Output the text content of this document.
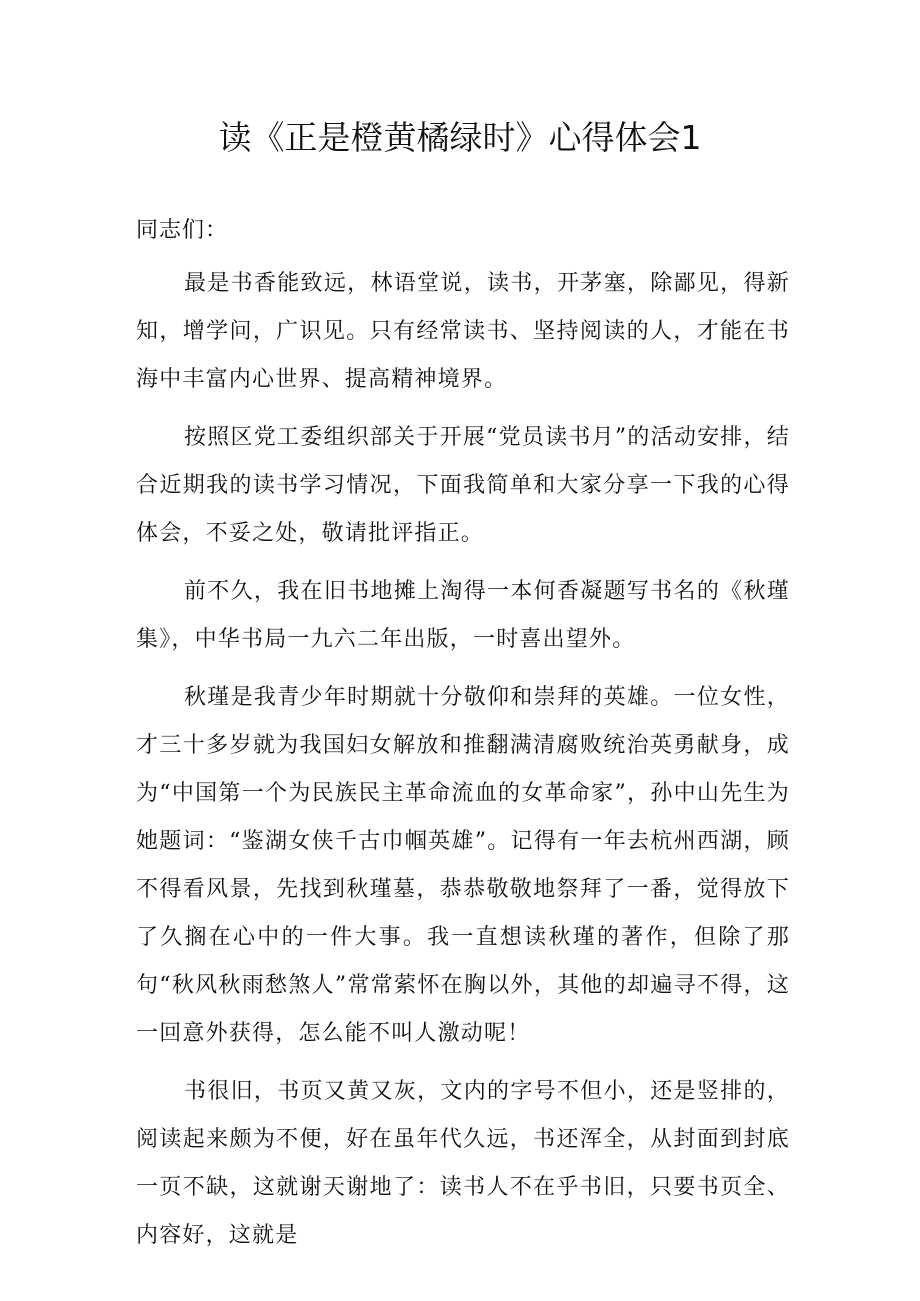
读《正是橙黄橘绿时》心得体会1

同志们：

最是书香能致远，林语堂说，读书，开茅塞，除鄙见，得新知，增学问，广识见。只有经常读书、坚持阅读的人，才能在书海中丰富内心世界、提高精神境界。

按照区党工委组织部关于开展“党员读书月”的活动安排，结合近期我的读书学习情况，下面我简单和大家分享一下我的心得体会，不妥之处，敬请批评指正。

前不久，我在旧书地摊上淘得一本何香凝题写书名的《秋瑾集》，中华书局一九六二年出版，一时喜出望外。

秋瑾是我青少年时期就十分敬仰和崇拜的英雄。一位女性，才三十多岁就为我国妇女解放和推翻满清腐败统治英勇献身，成为“中国第一个为民族民主革命流血的女革命家”，孙中山先生为她题词：“鉴湖女侠千古巾帼英雄”。记得有一年去杭州西湖，顾不得看风景，先找到秋瑾墓，恭恭敬敬地祭拜了一番，觉得放下了久搁在心中的一件大事。我一直想读秋瑾的著作，但除了那句“秋风秋雨愁煞人”常常萦怀在胸以外，其他的却遍寻不得，这一回意外获得，怎么能不叫人激动呢！

书很旧，书页又黄又灰，文内的字号不但小，还是竖排的，阅读起来颇为不便，好在虽年代久远，书还浑全，从封面到封底一页不缺，这就谢天谢地了：读书人不在乎书旧，只要书页全、内容好，这就是
